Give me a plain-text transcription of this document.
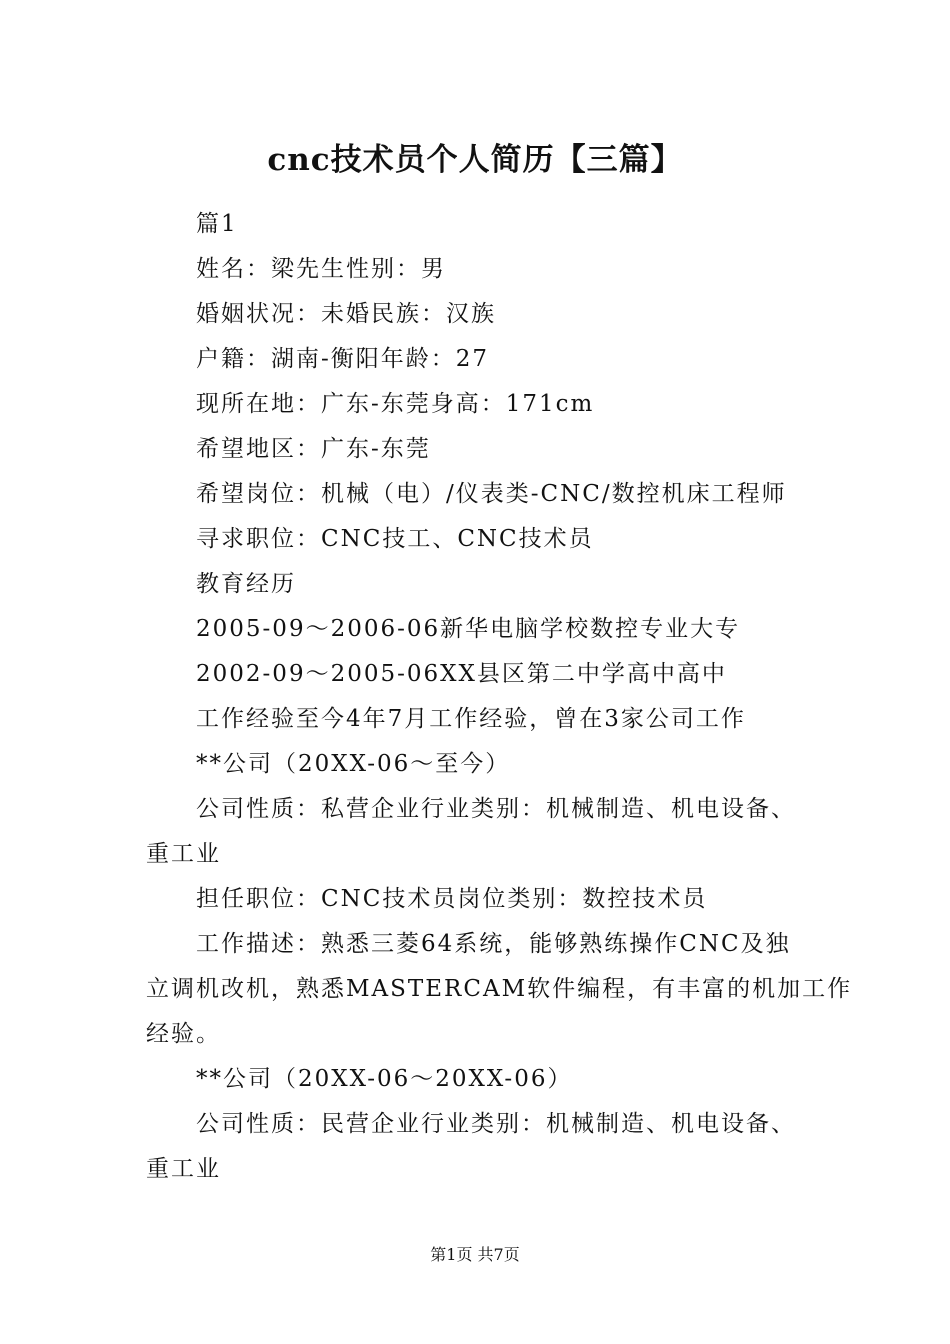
cnc技术员个人简历【三篇】
篇1
姓名：梁先生性别：男
婚姻状况：未婚民族：汉族
户籍：湖南-衡阳年龄：27
现所在地：广东-东莞身高：171cm
希望地区：广东-东莞
希望岗位：机械（电）/仪表类-CNC/数控机床工程师
寻求职位：CNC技工、CNC技术员
教育经历
2005-09～2006-06新华电脑学校数控专业大专
2002-09～2005-06XX县区第二中学高中高中
工作经验至今4年7月工作经验，曾在3家公司工作
**公司（20XX-06～至今）
公司性质：私营企业行业类别：机械制造、机电设备、
重工业
担任职位：CNC技术员岗位类别：数控技术员
工作描述：熟悉三菱64系统，能够熟练操作CNC及独
立调机改机，熟悉MASTERCAM软件编程，有丰富的机加工作
经验。
**公司（20XX-06～20XX-06）
公司性质：民营企业行业类别：机械制造、机电设备、
重工业
第1页 共7页
